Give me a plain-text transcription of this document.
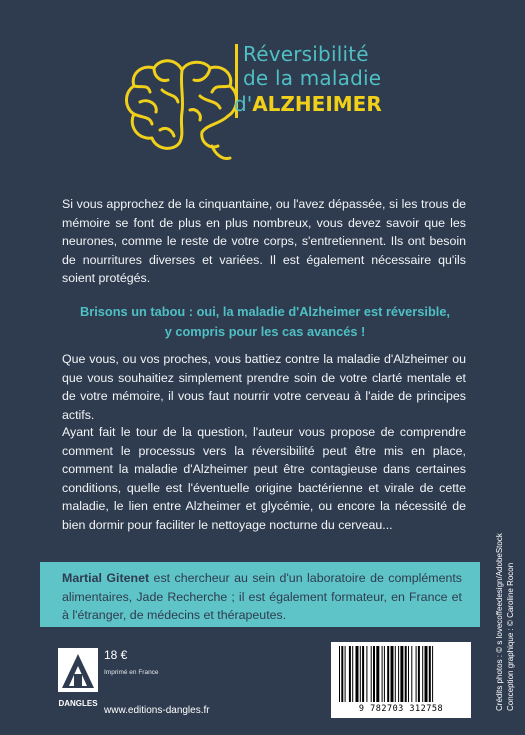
Réversibilité
de la maladie
d'ALZHEIMER

Si vous approchez de la cinquantaine, ou l'avez dépassée, si les trous de mémoire se font de plus en plus nombreux, vous devez savoir que les neurones, comme le reste de votre corps, s'entretiennent. Ils ont besoin de nourritures diverses et variées. Il est également nécessaire qu'ils soient protégés.

Brisons un tabou : oui, la maladie d'Alzheimer est réversible,
y compris pour les cas avancés !

Que vous, ou vos proches, vous battiez contre la maladie d'Alzheimer ou que vous souhaitiez simplement prendre soin de votre clarté mentale et de votre mémoire, il vous faut nourrir votre cerveau à l'aide de principes actifs.

Ayant fait le tour de la question, l'auteur vous propose de comprendre comment le processus vers la réversibilité peut être mis en place, comment la maladie d'Alzheimer peut être contagieuse dans certaines conditions, quelle est l'éventuelle origine bactérienne et virale de cette maladie, le lien entre Alzheimer et glycémie, ou encore la nécessité de bien dormir pour faciliter le nettoyage nocturne du cerveau...

Martial Gitenet est chercheur au sein d'un laboratoire de compléments alimentaires, Jade Recherche ; il est également formateur, en France et à l'étranger, de médecins et thérapeutes.

DANGLES
18 €
Imprimé en France
www.editions-dangles.fr	9 782703 312758	Crédits photos : © s lovecoffeedesign/AdobeStock Conception graphique : © Caroline Rocon
